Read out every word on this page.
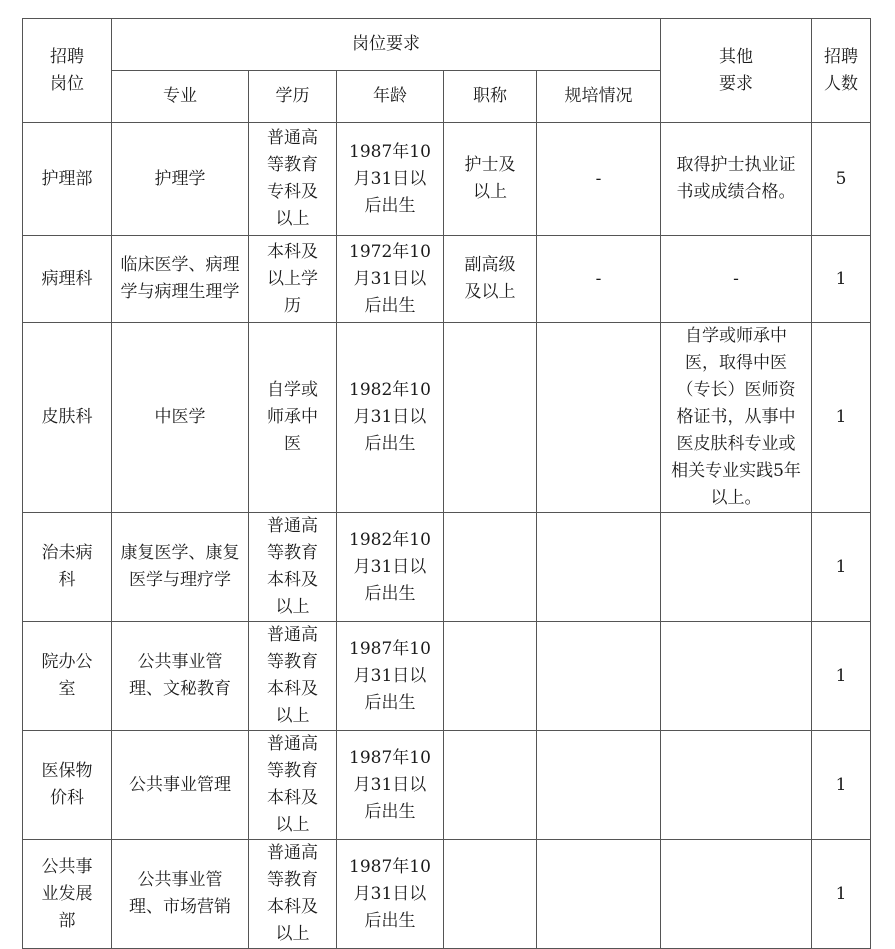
招聘岗位	岗位要求					其他要求	招聘人数
	专业	学历	年龄	职称	规培情况		
护理部	护理学	普通高等教育专科及以上	1987年10月31日以后出生	护士及以上	-	取得护士执业证书或成绩合格。	5
病理科	临床医学、病理学与病理生理学	本科及以上学历	1972年10月31日以后出生	副高级及以上	-	-	1
皮肤科	中医学	自学或师承中医	1982年10月31日以后出生			自学或师承中医，取得中医（专长）医师资格证书，从事中医皮肤科专业或相关专业实践5年以上。	1
治未病科	康复医学、康复医学与理疗学	普通高等教育本科及以上	1982年10月31日以后出生				1
院办公室	公共事业管理、文秘教育	普通高等教育本科及以上	1987年10月31日以后出生				1
医保物价科	公共事业管理	普通高等教育本科及以上	1987年10月31日以后出生				1
公共事业发展部	公共事业管理、市场营销	普通高等教育本科及以上	1987年10月31日以后出生				1
